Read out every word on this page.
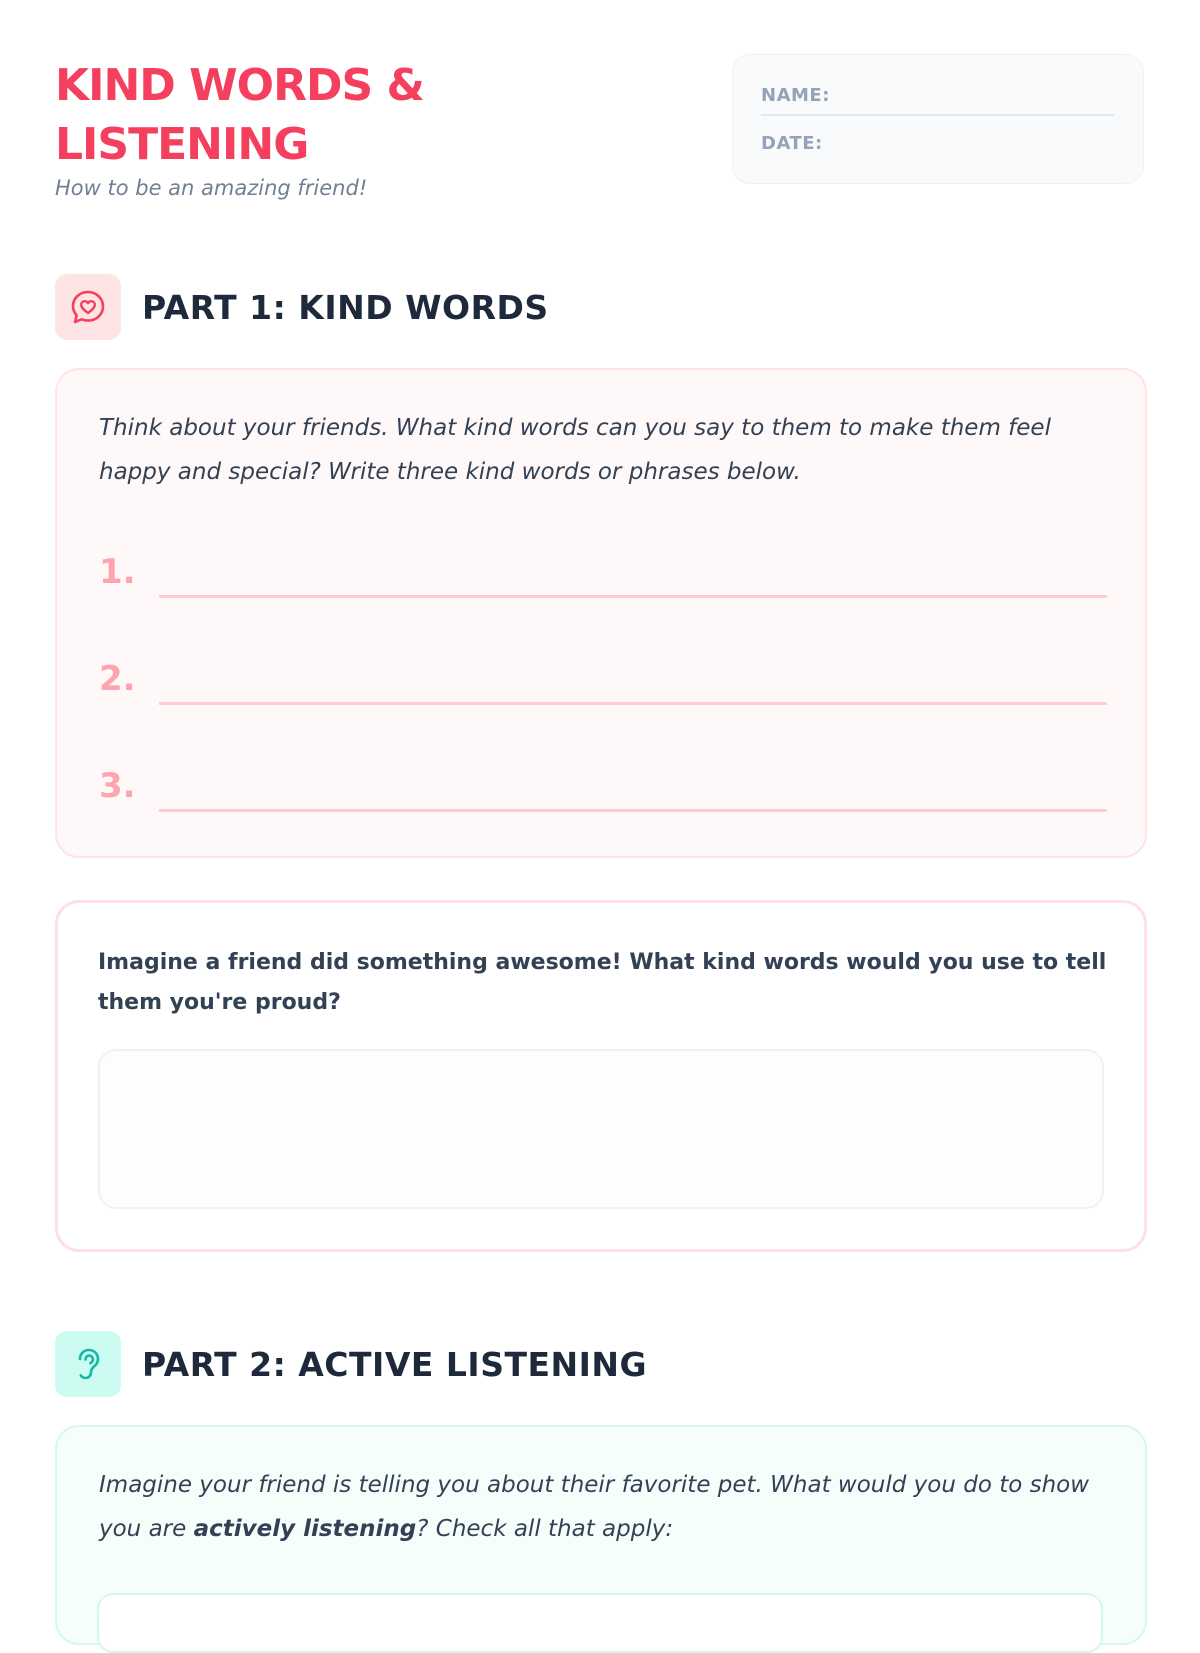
KIND WORDS & LISTENING
How to be an amazing friend!
NAME:
DATE:
PART 1: KIND WORDS
Think about your friends. What kind words can you say to them to make them feel happy and special? Write three kind words or phrases below.
1.
2.
3.
Imagine a friend did something awesome! What kind words would you use to tell them you're proud?
PART 2: ACTIVE LISTENING
Imagine your friend is telling you about their favorite pet. What would you do to show you are actively listening? Check all that apply:
